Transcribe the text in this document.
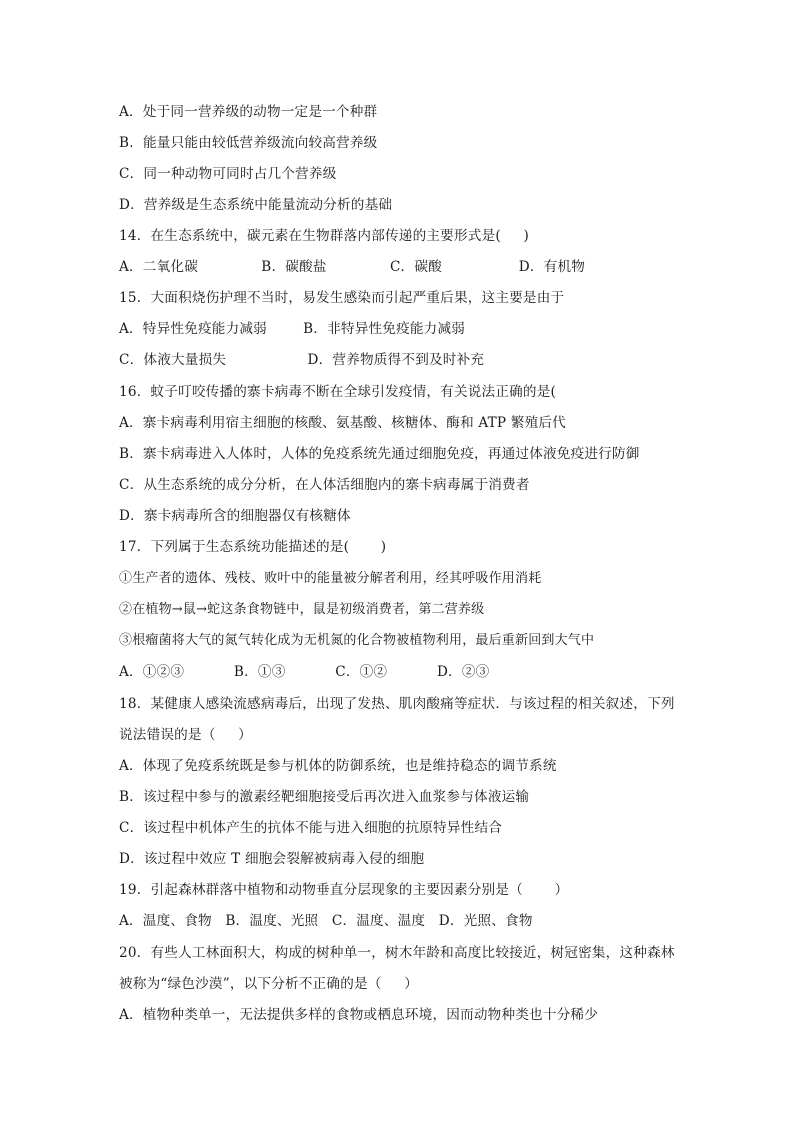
A．处于同一营养级的动物一定是一个种群
B．能量只能由较低营养级流向较高营养级
C．同一种动物可同时占几个营养级
D．营养级是生态系统中能量流动分析的基础
14．在生态系统中，碳元素在生物群落内部传递的主要形式是(     )
A．二氧化碳              B．碳酸盐              C．碳酸                 D．有机物
15．大面积烧伤护理不当时，易发生感染而引起严重后果，这主要是由于
A．特异性免疫能力减弱        B．非特异性免疫能力减弱
C．体液大量损失                  D．营养物质得不到及时补充
16．蚊子叮咬传播的寨卡病毒不断在全球引发疫情，有关说法正确的是(
A．寨卡病毒利用宿主细胞的核酸、氨基酸、核糖体、酶和 ATP 繁殖后代
B．寨卡病毒进入人体时，人体的免疫系统先通过细胞免疫，再通过体液免疫进行防御
C．从生态系统的成分分析，在人体活细胞内的寨卡病毒属于消费者
D．寨卡病毒所含的细胞器仅有核糖体
17．下列属于生态系统功能描述的是(       )
①生产者的遗体、残枝、败叶中的能量被分解者利用，经其呼吸作用消耗
②在植物→鼠→蛇这条食物链中，鼠是初级消费者，第二营养级
③根瘤菌将大气的氮气转化成为无机氮的化合物被植物利用，最后重新回到大气中
A．①②③           B．①③           C．①②           D．②③
18．某健康人感染流感病毒后，出现了发热、肌肉酸痛等症状．与该过程的相关叙述，下列
说法错误的是（     ）
A．体现了免疫系统既是参与机体的防御系统，也是维持稳态的调节系统
B．该过程中参与的激素经靶细胞接受后再次进入血浆参与体液运输
C．该过程中机体产生的抗体不能与进入细胞的抗原特异性结合
D．该过程中效应 T 细胞会裂解被病毒入侵的细胞
19．引起森林群落中植物和动物垂直分层现象的主要因素分别是（       ）
A．温度、食物   B．温度、光照   C．温度、温度   D．光照、食物
20．有些人工林面积大，构成的树种单一，树木年龄和高度比较接近，树冠密集，这种森林
被称为“绿色沙漠”，以下分析不正确的是（     ）
A．植物种类单一，无法提供多样的食物或栖息环境，因而动物种类也十分稀少
